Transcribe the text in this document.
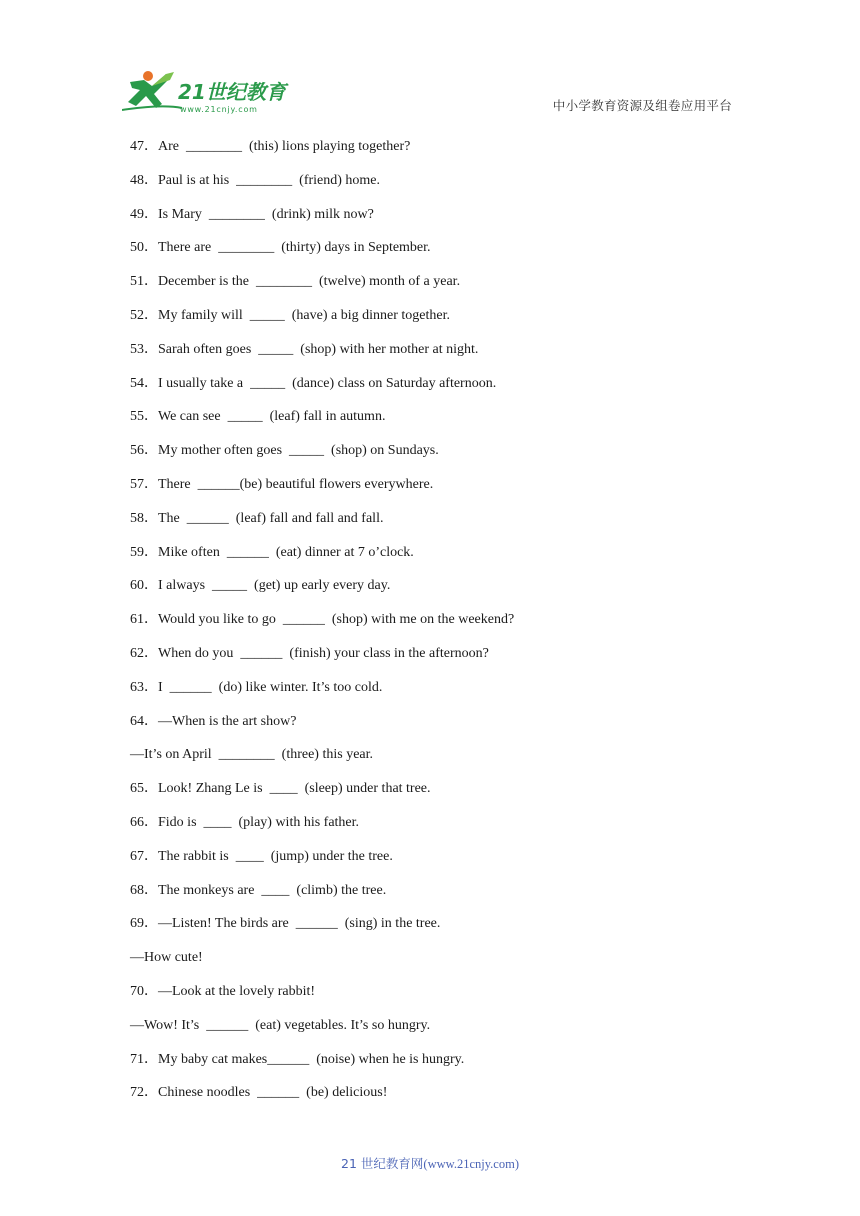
21世纪教育
www.21cnjy.com	中小学教育资源及组卷应用平台
47．Are  ________  (this) lions playing together?
48．Paul is at his  ________  (friend) home.
49．Is Mary  ________  (drink) milk now?
50．There are  ________  (thirty) days in September.
51．December is the  ________  (twelve) month of a year.
52．My family will  _____  (have) a big dinner together.
53．Sarah often goes  _____  (shop) with her mother at night.
54．I usually take a  _____  (dance) class on Saturday afternoon.
55．We can see  _____  (leaf) fall in autumn.
56．My mother often goes  _____  (shop) on Sundays.
57．There  ______(be) beautiful flowers everywhere.
58．The  ______  (leaf) fall and fall and fall.
59．Mike often  ______  (eat) dinner at 7 o’clock.
60．I always  _____  (get) up early every day.
61．Would you like to go  ______  (shop) with me on the weekend?
62．When do you  ______  (finish) your class in the afternoon?
63．I  ______  (do) like winter. It’s too cold.
64．—When is the art show?
—It’s on April  ________  (three) this year.
65．Look! Zhang Le is  ____  (sleep) under that tree.
66．Fido is  ____  (play) with his father.
67．The rabbit is  ____  (jump) under the tree.
68．The monkeys are  ____  (climb) the tree.
69．—Listen! The birds are  ______  (sing) in the tree.
—How cute!
70．—Look at the lovely rabbit!
—Wow! It’s  ______  (eat) vegetables. It’s so hungry.
71．My baby cat makes______  (noise) when he is hungry.
72．Chinese noodles  ______  (be) delicious!
21 世纪教育网(www.21cnjy.com)
